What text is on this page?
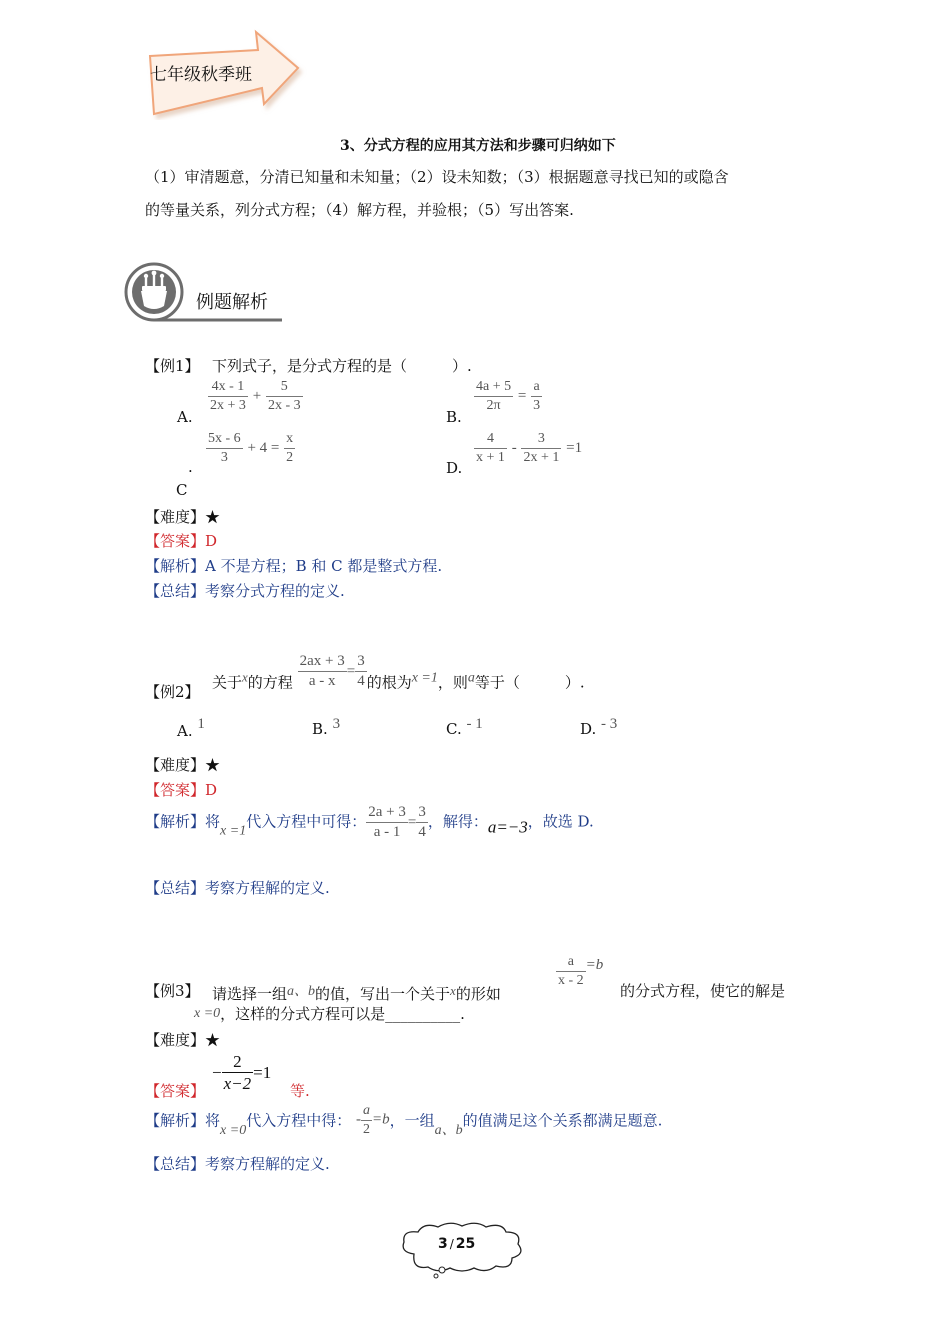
七年级秋季班
3、分式方程的应用其方法和步骤可归纳如下
（1）审清题意，分清已知量和未知量；（2）设未知数；（3）根据题意寻找已知的或隐含
的等量关系，列分式方程；（4）解方程，并验根；（5）写出答案.
例题解析
【例1】 下列式子，是分式方程的是（　　　）.
A.
$\frac{4x - 1}{2x + 3} + \frac{5}{2x - 3}$
B.
$\frac{4a + 5}{2\pi} = \frac{a}{3}$
$\frac{5x - 6}{3} + 4 = \frac{x}{2}$
.
C
D.
$\frac{4}{x + 1} - \frac{3}{2x + 1} =1$
【难度】★
【答案】D
【解析】A 不是方程；B 和 C 都是整式方程.
【总结】考察分式方程的定义.
【例2】
关于x的方程 $\frac{2ax + 3}{a - x} = \frac{3}{4}$ 的根为x =1，则a等于（　　　）.
A. 1	B. 3	C. - 1	D. - 3
【难度】★
【答案】D
【解析】将x =1代入方程中可得： $\frac{2a + 3}{a - 1} = \frac{3}{4}$ ，解得：a=−3，故选 D.
【总结】考察方程解的定义.
【例3】 请选择一组a、b的值，写出一个关于x的形如
$\frac{a}{x - 2} =b$
的分式方程，使它的解是
x =0，这样的分式方程可以是__________.
【难度】★
【答案】
− $\frac{2}{x-2} =1$
等.
【解析】将x =0代入方程中得： - $\frac{a}{2} =b$，一组a、b的值满足这个关系都满足题意.
【总结】考察方程解的定义.
3 / 25
